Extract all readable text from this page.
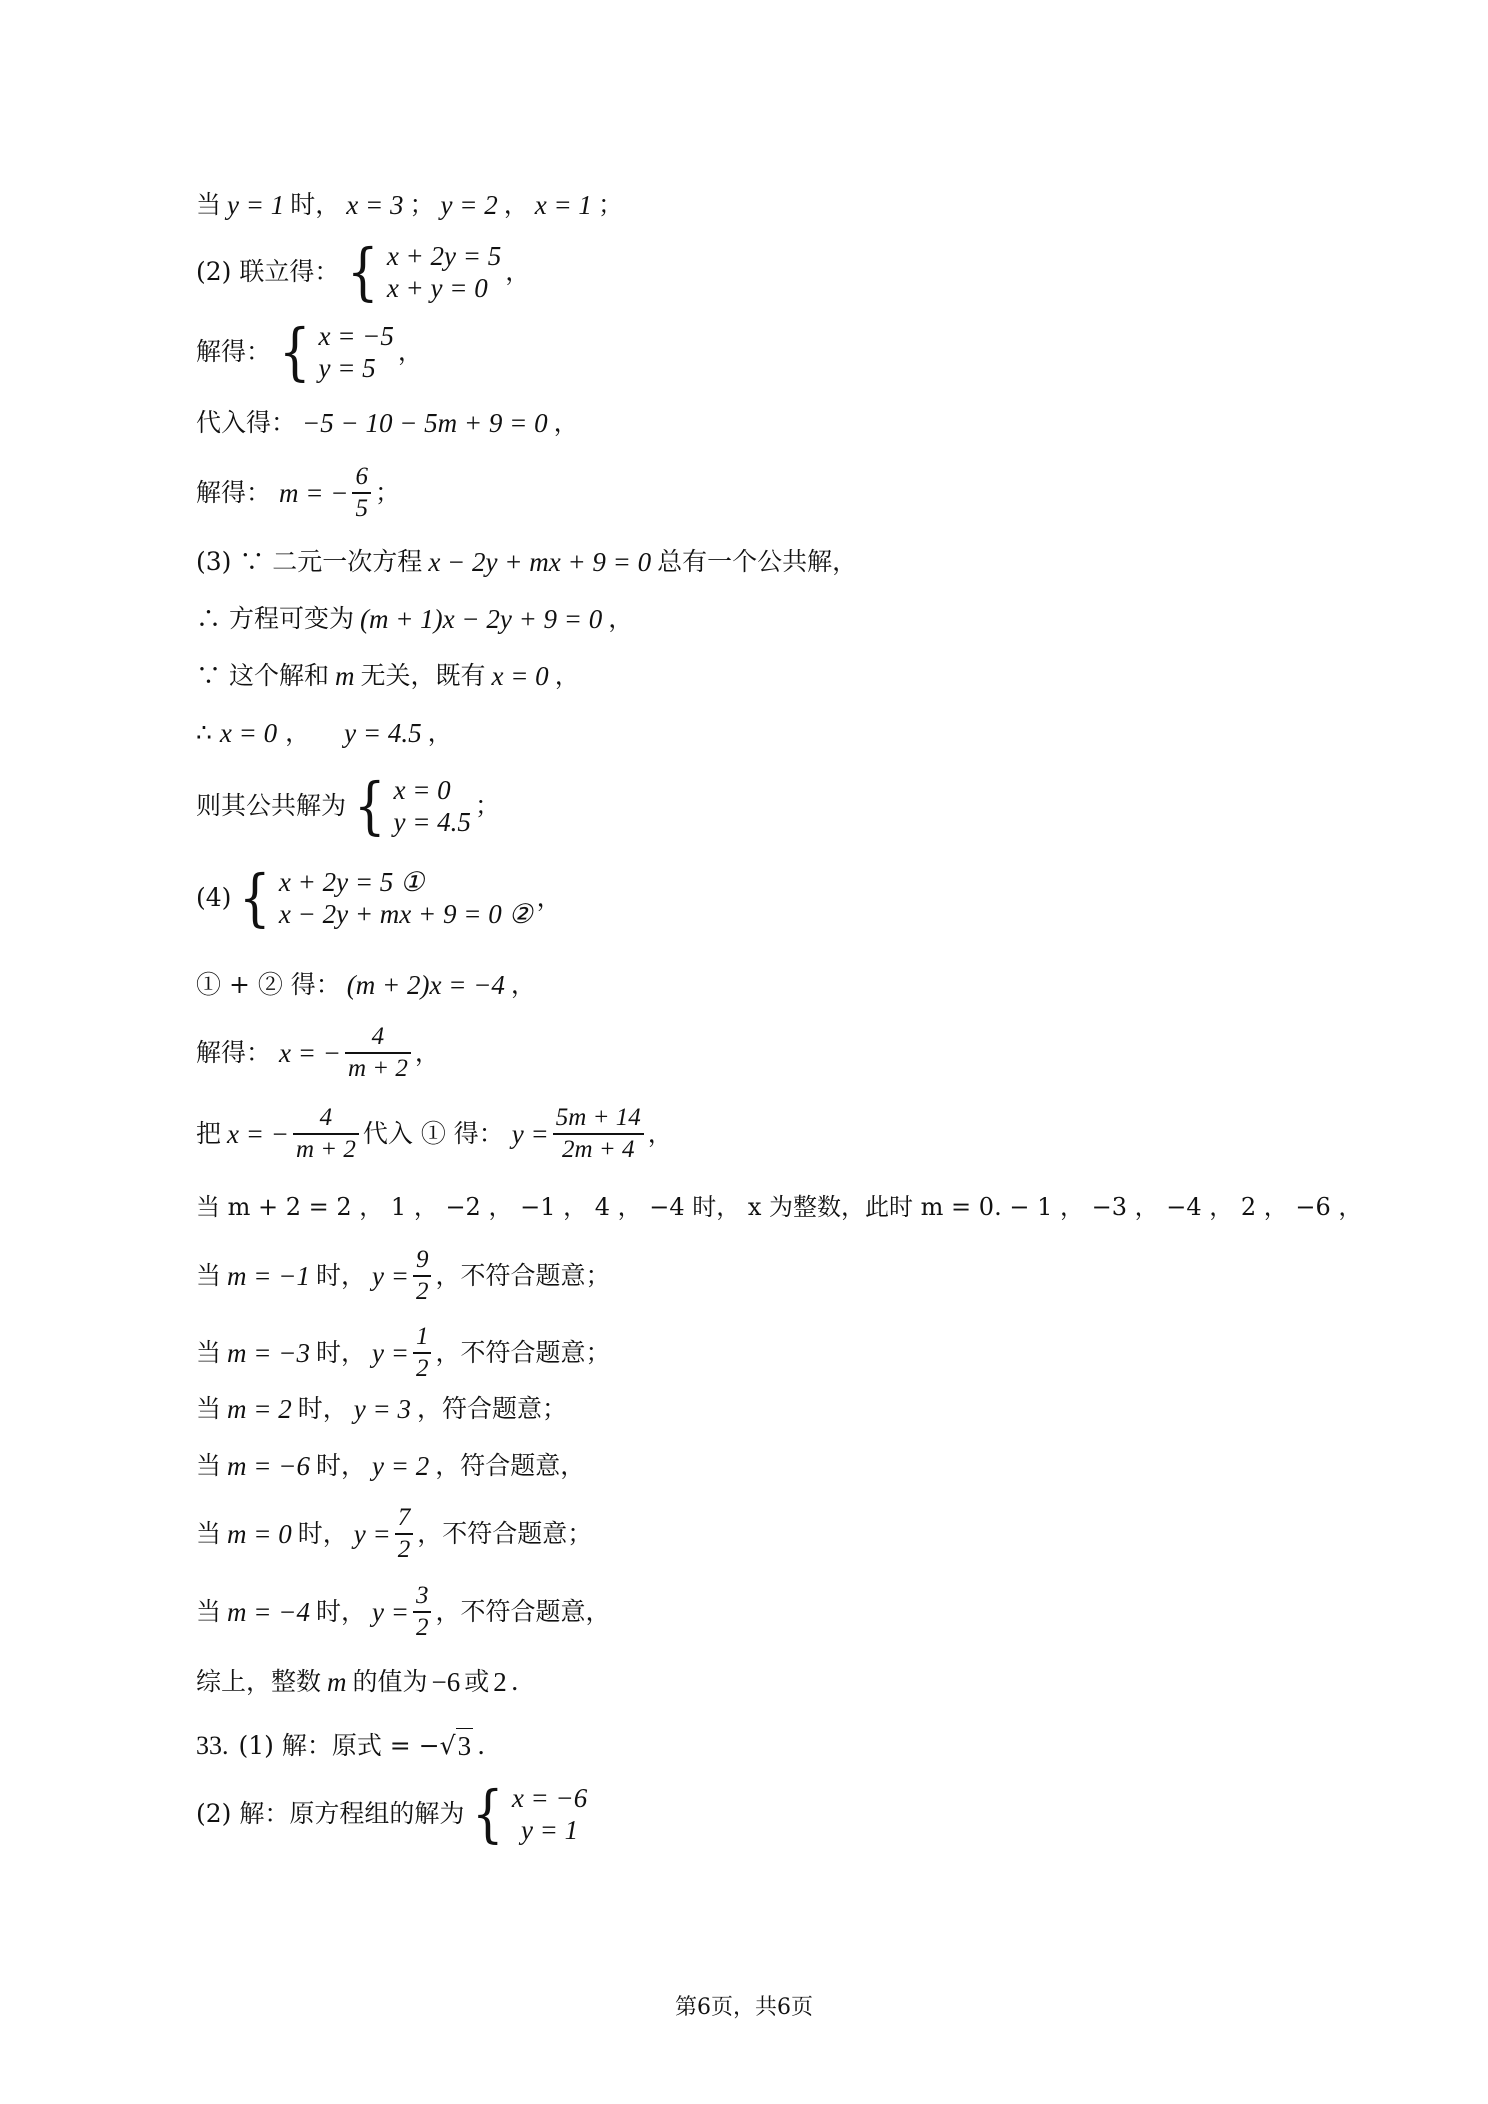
当 y = 1 时， x = 3 ； y = 2 ， x = 1 ；
(2) 联立得： { x + 2y = 5
x + y = 0
，
解得： { x = −5
y = 5
，
代入得： −5 − 10 − 5m + 9 = 0 ，
解得： m = − $\frac{6}{5}$ ；
(3) ∵ 二元一次方程 x − 2y + mx + 9 = 0 总有一个公共解，
∴ 方程可变为 (m + 1)x − 2y + 9 = 0 ，
∵ 这个解和 m 无关，既有 x = 0 ，
∴ x = 0 ， y = 4.5 ，
则其公共解为 { x = 0
y = 4.5
；
(4) { x + 2y = 5 ①
x − 2y + mx + 9 = 0 ②
，
① + ② 得： (m + 2)x = −4 ，
解得： x = − $\frac{4}{m + 2}$ ，
把 x = − $\frac{4}{m + 2}$ 代入 ① 得： $y = \frac{5m + 14}{2m + 4}$ ，
当 m + 2 = 2 ， 1 ， −2 ， −1 ， 4 ， −4 时， x 为整数，此时 m = 0. − 1 ， −3 ， −4 ， 2 ， −6 ，
当 m = −1 时， $y = \frac{9}{2}$ ，不符合题意；
当 m = −3 时， $y = \frac{1}{2}$ ，不符合题意；
当 m = 2 时， y = 3 ，符合题意；
当 m = −6 时， y = 2 ，符合题意，
当 m = 0 时， $y = \frac{7}{2}$ ，不符合题意；
当 m = −4 时， $y = \frac{3}{2}$ ，不符合题意，
综上，整数 m 的值为 −6 或 2 .
33. (1) 解：原式 = −√ 3 .
(2) 解：原方程组的解为 { x = −6
y = 1
第6页，共6页
